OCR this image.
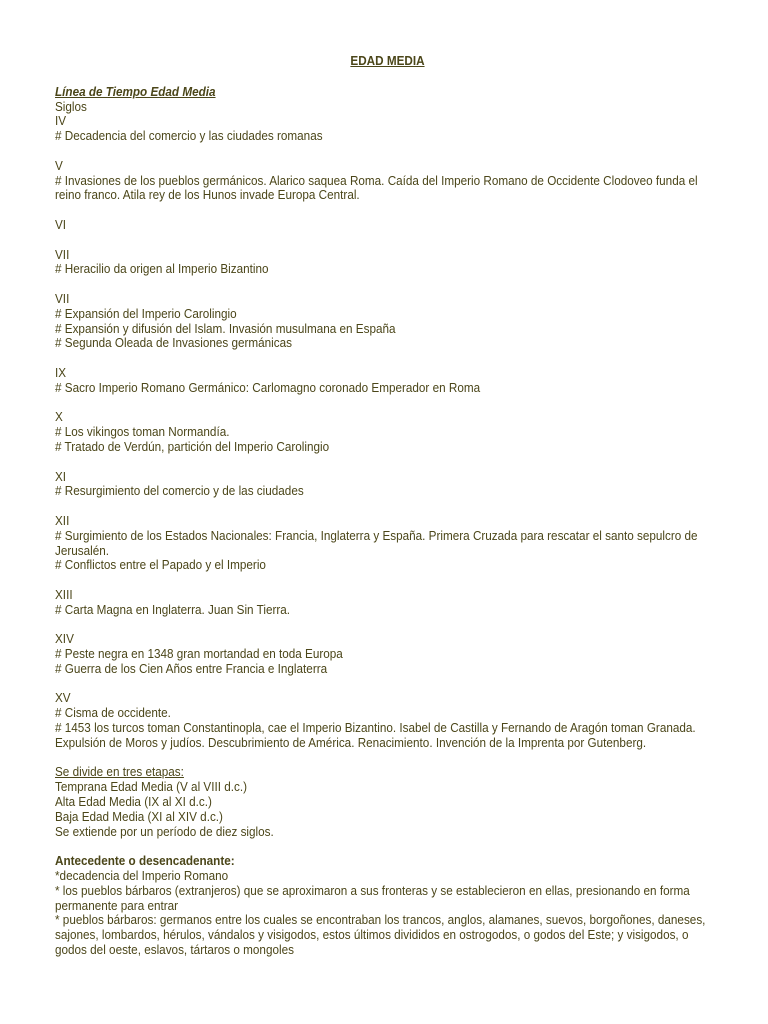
EDAD MEDIA
Línea de Tiempo Edad Media
Siglos
IV
# Decadencia del comercio y las ciudades romanas
V
# Invasiones de los pueblos germánicos. Alarico saquea Roma. Caída del Imperio Romano de Occidente Clodoveo funda el reino franco. Atila rey de los Hunos invade Europa Central.
VI
VII
# Heracilio da origen al Imperio Bizantino
VII
# Expansión del Imperio Carolingio
# Expansión y difusión del Islam. Invasión musulmana en España
# Segunda Oleada de Invasiones germánicas
IX
# Sacro Imperio Romano Germánico: Carlomagno coronado Emperador en Roma
X
# Los vikingos toman Normandía.
# Tratado de Verdún, partición del Imperio Carolingio
XI
# Resurgimiento del comercio y de las ciudades
XII
# Surgimiento de los Estados Nacionales: Francia, Inglaterra y España. Primera Cruzada para rescatar el santo sepulcro de Jerusalén.
# Conflictos entre el Papado y el Imperio
XIII
# Carta Magna en Inglaterra. Juan Sin Tierra.
XIV
# Peste negra en 1348 gran mortandad en toda Europa
# Guerra de los Cien Años entre Francia e Inglaterra
XV
# Cisma de occidente.
# 1453 los turcos toman Constantinopla, cae el Imperio Bizantino. Isabel de Castilla y Fernando de Aragón toman Granada. Expulsión de Moros y judíos. Descubrimiento de América. Renacimiento. Invención de la Imprenta por Gutenberg.
Se divide en tres etapas:
Temprana Edad Media (V al VIII d.c.)
Alta Edad Media (IX al XI d.c.)
Baja Edad Media (XI al XIV d.c.)
Se extiende por un período de diez siglos.
Antecedente o desencadenante:
*decadencia del Imperio Romano
* los pueblos bárbaros (extranjeros) que se aproximaron a sus fronteras y se establecieron en ellas, presionando en forma permanente para entrar
* pueblos bárbaros: germanos entre los cuales se encontraban los trancos, anglos, alamanes, suevos, borgoñones, daneses, sajones, lombardos, hérulos, vándalos y visigodos, estos últimos divididos en ostrogodos, o godos del Este; y visigodos, o godos del oeste, eslavos, tártaros o mongoles
